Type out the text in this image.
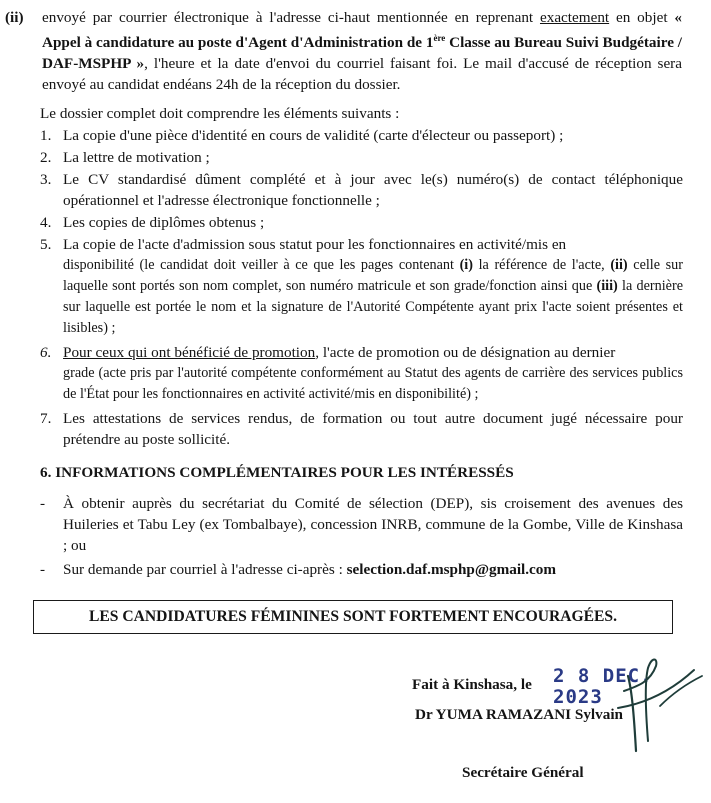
(ii) envoyé par courrier électronique à l'adresse ci-haut mentionnée en reprenant exactement en objet « Appel à candidature au poste d'Agent d'Administration de 1ère Classe au Bureau Suivi Budgétaire / DAF-MSPHP », l'heure et la date d'envoi du courriel faisant foi. Le mail d'accusé de réception sera envoyé au candidat endéans 24h de la réception du dossier.
Le dossier complet doit comprendre les éléments suivants :
1. La copie d'une pièce d'identité en cours de validité (carte d'électeur ou passeport) ;
2. La lettre de motivation ;
3. Le CV standardisé dûment complété et à jour avec le(s) numéro(s) de contact téléphonique opérationnel et l'adresse électronique fonctionnelle ;
4. Les copies de diplômes obtenus ;
5. La copie de l'acte d'admission sous statut pour les fonctionnaires en activité/mis en
disponibilité (le candidat doit veiller à ce que les pages contenant (i) la référence de l'acte, (ii) celle sur laquelle sont portés son nom complet, son numéro matricule et son grade/fonction ainsi que (iii) la dernière sur laquelle est portée le nom et la signature de l'Autorité Compétente ayant prix l'acte soient présentes et lisibles) ;
6. Pour ceux qui ont bénéficié de promotion, l'acte de promotion ou de désignation au dernier
grade (acte pris par l'autorité compétente conformément au Statut des agents de carrière des services publics de l'État pour les fonctionnaires en activité activité/mis en disponibilité) ;
7. Les attestations de services rendus, de formation ou tout autre document jugé nécessaire pour prétendre au poste sollicité.
6. INFORMATIONS COMPLÉMENTAIRES POUR LES INTÉRESSÉS
- À obtenir auprès du secrétariat du Comité de sélection (DEP), sis croisement des avenues des Huileries et Tabu Ley (ex Tombalbaye), concession INRB, commune de la Gombe, Ville de Kinshasa ; ou
- Sur demande par courriel à l'adresse ci-après : selection.daf.msphp@gmail.com
LES CANDIDATURES FÉMININES SONT FORTEMENT ENCOURAGÉES.
Fait à Kinshasa, le 2 8 DEC. 2023
Dr YUMA RAMAZANI Sylvain
Secrétaire Général
